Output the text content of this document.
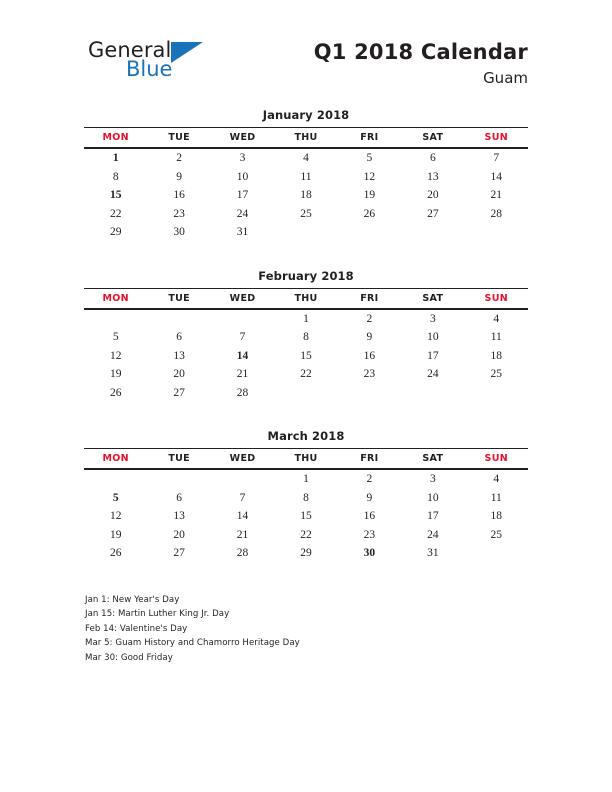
General
Blue
Q1 2018 Calendar
Guam
January 2018
MON	TUE	WED	THU	FRI	SAT	SUN
1	2	3	4	5	6	7
8	9	10	11	12	13	14
15	16	17	18	19	20	21
22	23	24	25	26	27	28
29	30	31				
February 2018
MON	TUE	WED	THU	FRI	SAT	SUN
			1	2	3	4
5	6	7	8	9	10	11
12	13	14	15	16	17	18
19	20	21	22	23	24	25
26	27	28				
March 2018
MON	TUE	WED	THU	FRI	SAT	SUN
			1	2	3	4
5	6	7	8	9	10	11
12	13	14	15	16	17	18
19	20	21	22	23	24	25
26	27	28	29	30	31	
Jan 1: New Year's Day
Jan 15: Martin Luther King Jr. Day
Feb 14: Valentine's Day
Mar 5: Guam History and Chamorro Heritage Day
Mar 30: Good Friday
